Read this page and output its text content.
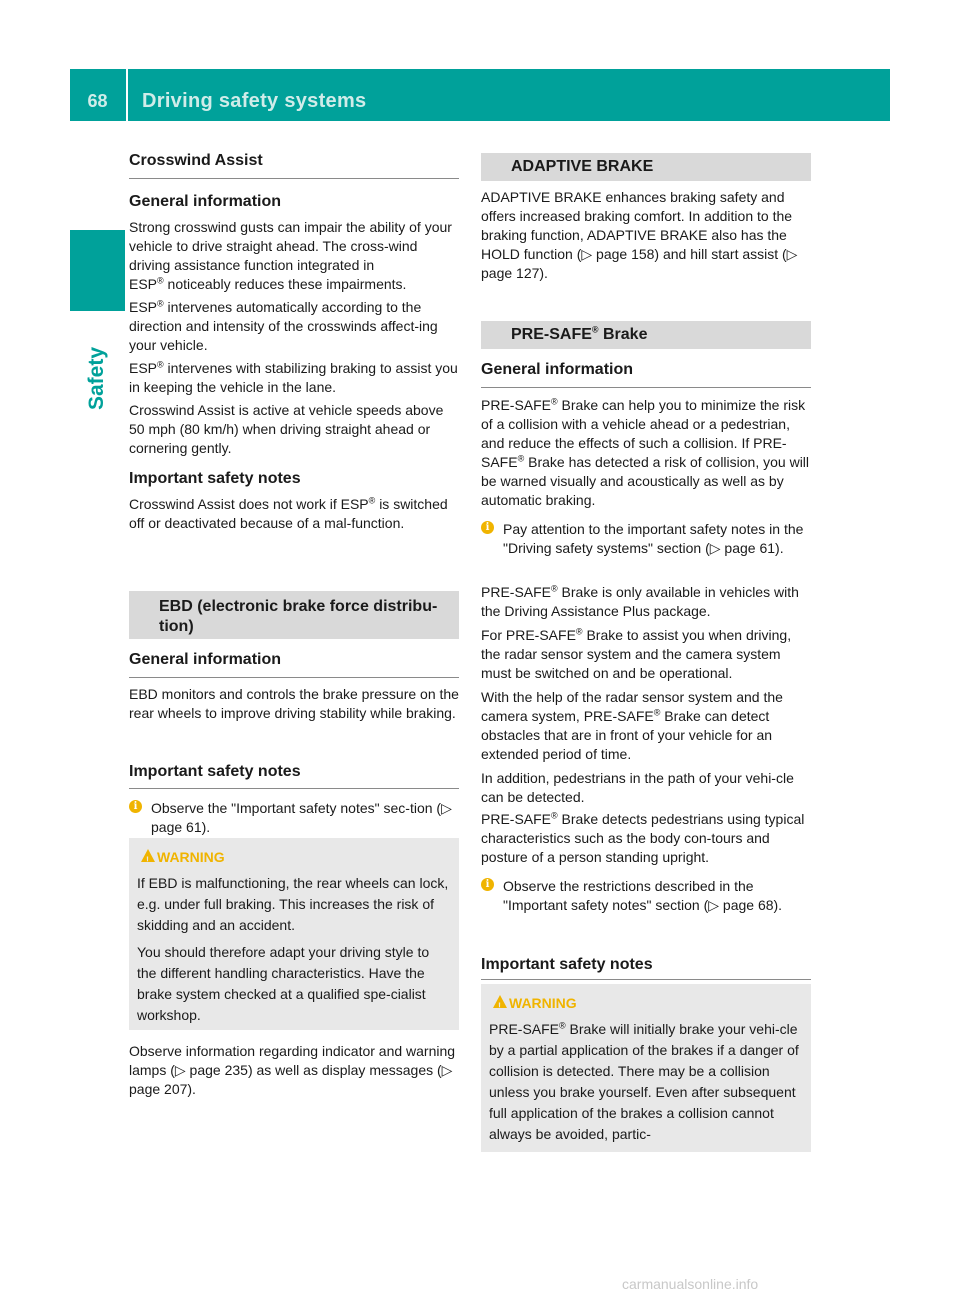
68	Driving safety systems
Safety
Crosswind Assist
General information
Strong crosswind gusts can impair the ability of your vehicle to drive straight ahead. The cross-wind driving assistance function integrated in
ESP® noticeably reduces these impairments.
ESP® intervenes automatically according to the direction and intensity of the crosswinds affect-ing your vehicle.
ESP® intervenes with stabilizing braking to assist you in keeping the vehicle in the lane.
Crosswind Assist is active at vehicle speeds above 50 mph (80 km/h) when driving straight ahead or cornering gently.
Important safety notes
Crosswind Assist does not work if ESP® is switched off or deactivated because of a mal-function.
EBD (electronic brake force distribu-tion)
General information
EBD monitors and controls the brake pressure on the rear wheels to improve driving stability while braking.
Important safety notes
i Observe the "Important safety notes" sec-tion (▷ page 61).
!
WARNING

If EBD is malfunctioning, the rear wheels can lock, e.g. under full braking. This increases the risk of skidding and an accident.

You should therefore adapt your driving style to the different handling characteristics. Have the brake system checked at a qualified spe-cialist workshop.

Observe information regarding indicator and warning lamps (▷ page 235) as well as display messages (▷ page 207).
ADAPTIVE BRAKE
ADAPTIVE BRAKE enhances braking safety and offers increased braking comfort. In addition to the braking function, ADAPTIVE BRAKE also has the HOLD function (▷ page 158) and hill start assist (▷ page 127).
PRE-SAFE® Brake
General information
PRE-SAFE® Brake can help you to minimize the risk of a collision with a vehicle ahead or a pedestrian, and reduce the effects of such a collision. If PRE-SAFE® Brake has detected a risk of collision, you will be warned visually and acoustically as well as by automatic braking.
i Pay attention to the important safety notes in the "Driving safety systems" section (▷ page 61).
PRE-SAFE® Brake is only available in vehicles with the Driving Assistance Plus package.
For PRE-SAFE® Brake to assist you when driving, the radar sensor system and the camera system must be switched on and be operational.
With the help of the radar sensor system and the camera system, PRE-SAFE® Brake can detect obstacles that are in front of your vehicle for an extended period of time.
In addition, pedestrians in the path of your vehi-cle can be detected.
PRE-SAFE® Brake detects pedestrians using typical characteristics such as the body con-tours and posture of a person standing upright.
i Observe the restrictions described in the "Important safety notes" section (▷ page 68).
Important safety notes
!
WARNING

PRE-SAFE® Brake will initially brake your vehi-cle by a partial application of the brakes if a danger of collision is detected. There may be a collision unless you brake yourself. Even after subsequent full application of the brakes a collision cannot always be avoided, partic-

carmanualsonline.info
